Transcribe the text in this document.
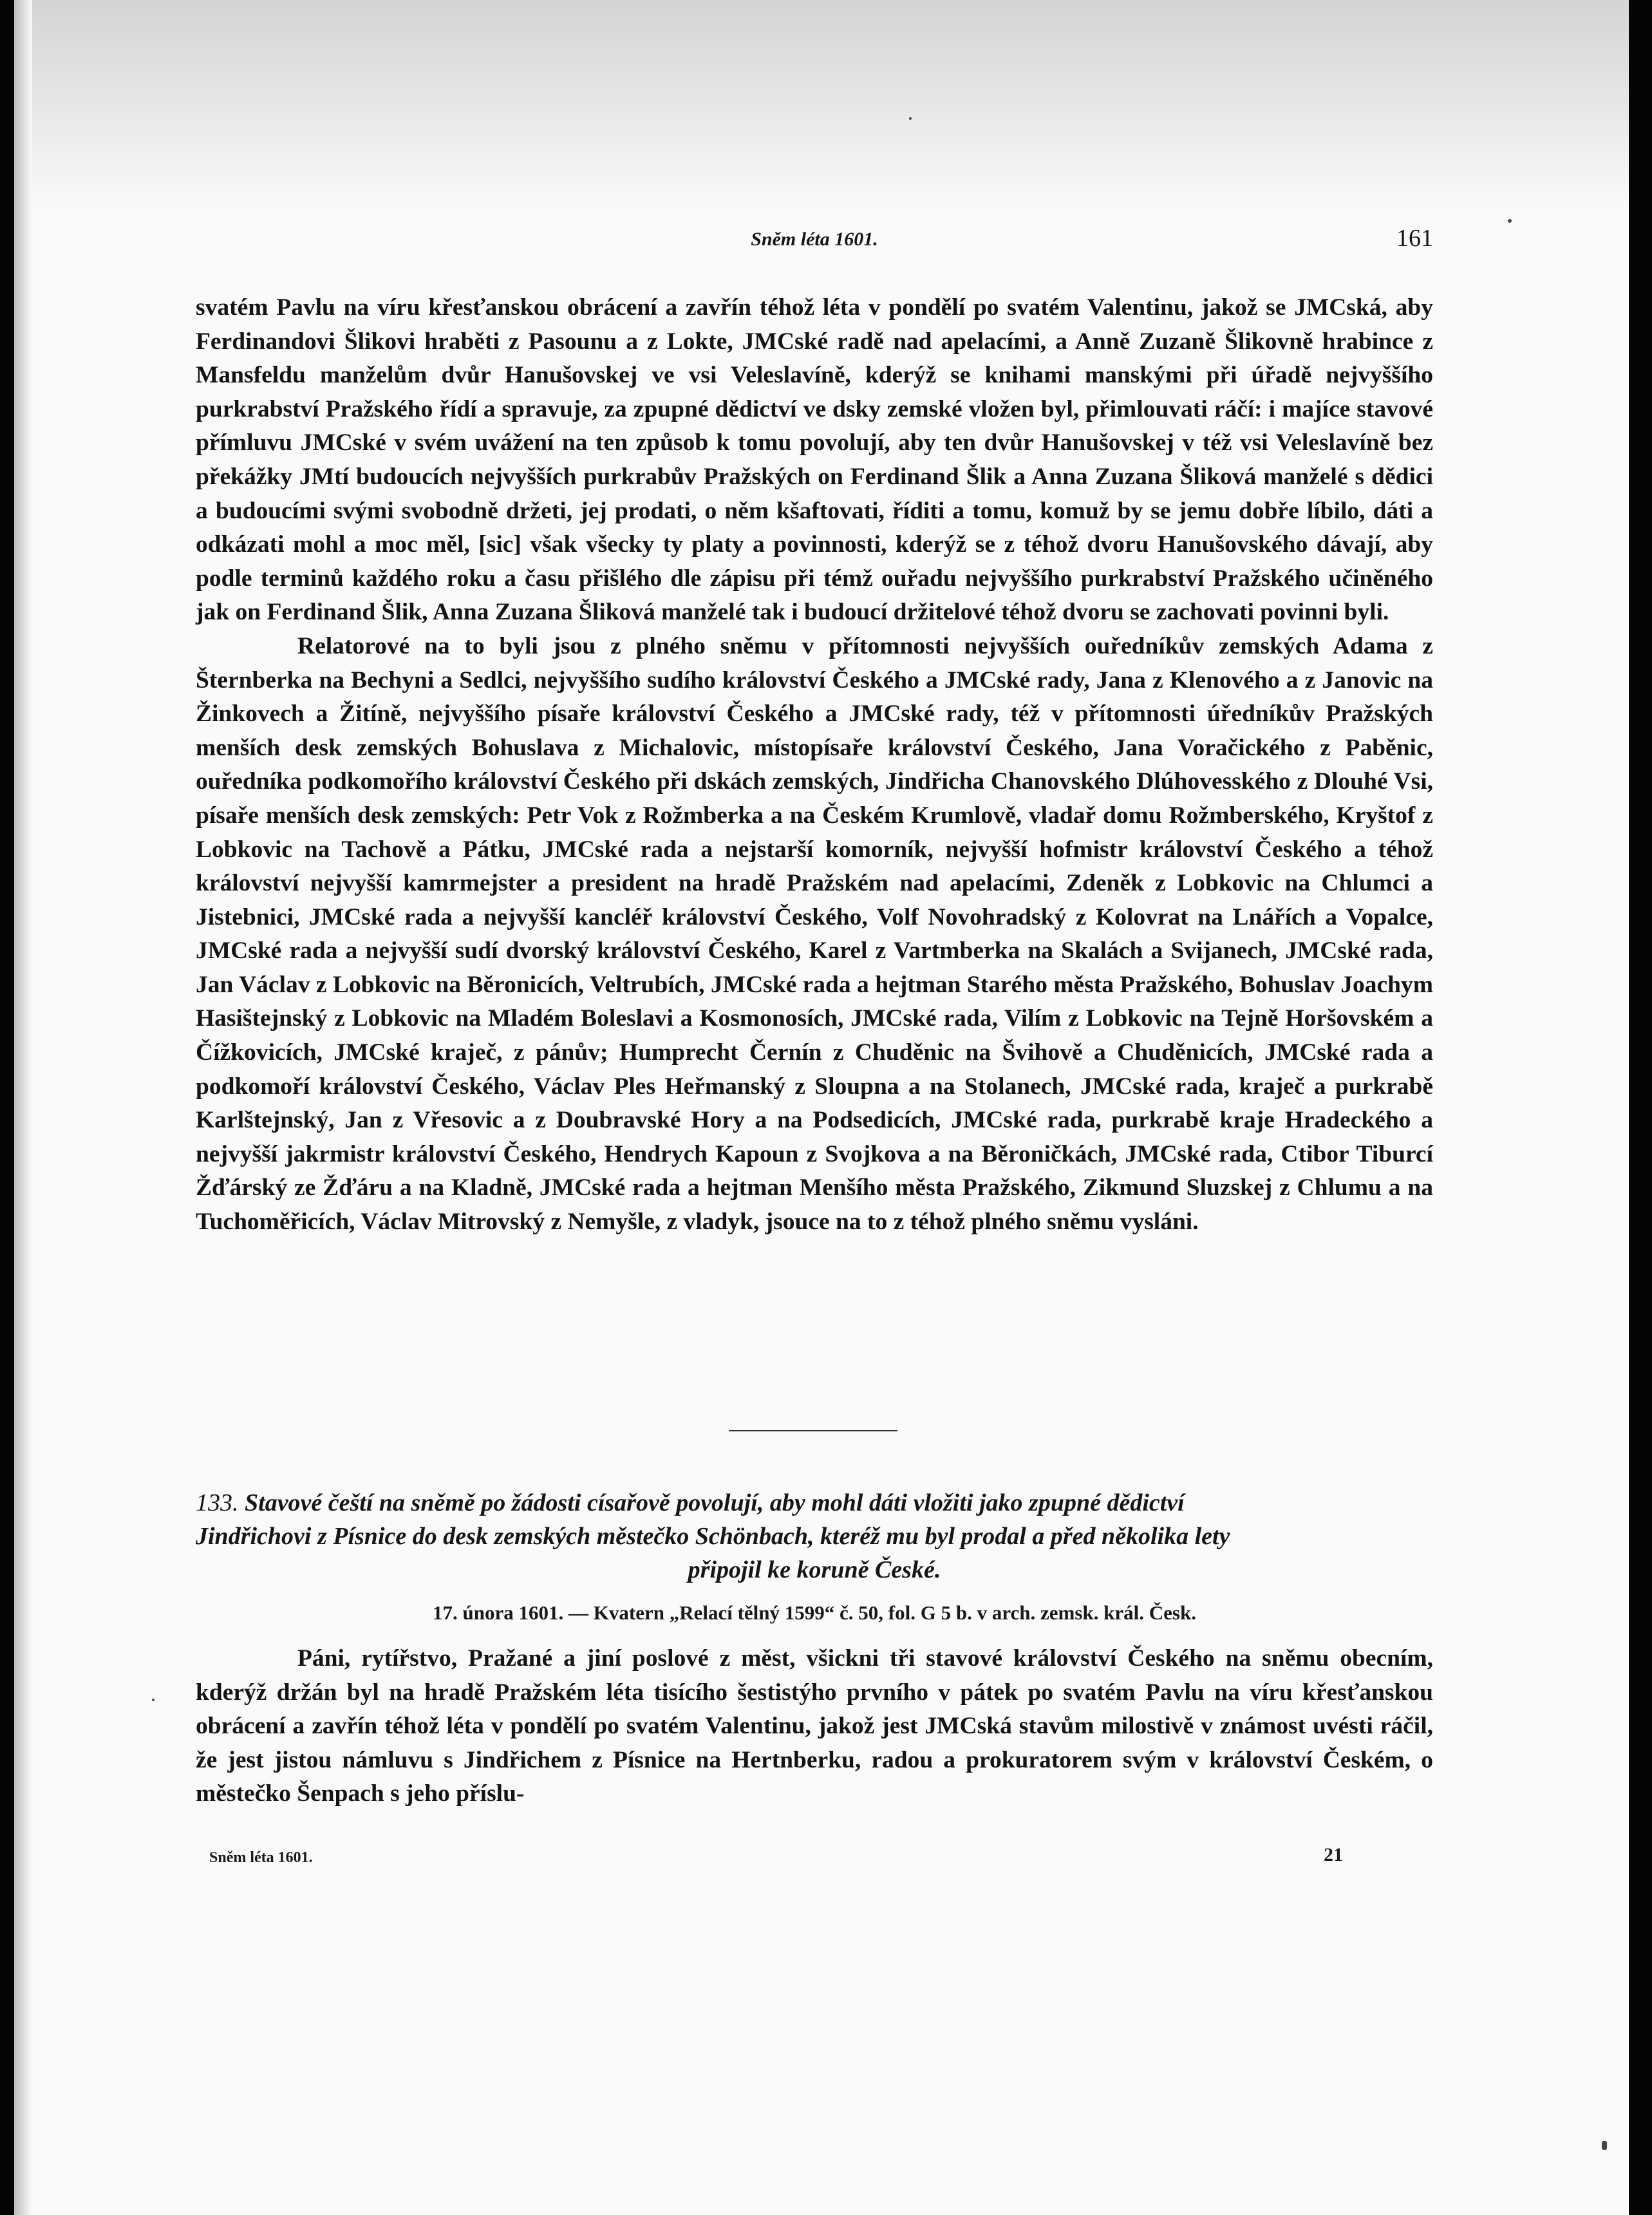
Sněm léta 1601.	161

svatém Pavlu na víru křesťanskou obrácení a zavřín téhož léta v pondělí po svatém Valentinu, jakož se JMCská, aby Ferdinandovi Šlikovi hraběti z Pasounu a z Lokte, JMCské radě nad apelacími, a Anně Zuzaně Šlikovně hrabince z Mansfeldu manželům dvůr Hanušovskej ve vsi Veleslavíně, kderýž se knihami manskými při úřadě nejvyššího purkrabství Pražského řídí a spravuje, za zpupné dědictví ve dsky zemské vložen byl, přimlouvati ráčí: i majíce stavové přímluvu JMCské v svém uvážení na ten způsob k tomu povolují, aby ten dvůr Hanušovskej v též vsi Veleslavíně bez překážky JMtí budoucích nejvyšších purkrabův Pražských on Ferdinand Šlik a Anna Zuzana Šliková manželé s dědici a budoucími svými svobodně držeti, jej prodati, o něm kšaftovati, říditi a tomu, komuž by se jemu dobře líbilo, dáti a odkázati mohl a moc měl, [sic] však všecky ty platy a povinnosti, kderýž se z téhož dvoru Hanušovského dávají, aby podle terminů každého roku a času přišlého dle zápisu při témž ouřadu nejvyššího purkrabství Pražského učiněného jak on Ferdinand Šlik, Anna Zuzana Šliková manželé tak i budoucí držitelové téhož dvoru se zachovati povinni byli.

Relatorové na to byli jsou z plného sněmu v přítomnosti nejvyšších ouředníkův zemských Adama z Šternberka na Bechyni a Sedlci, nejvyššího sudího království Českého a JMCské rady, Jana z Klenového a z Janovic na Žinkovech a Žitíně, nejvyššího písaře království Českého a JMCské rady, též v přítomnosti úředníkův Pražských menších desk zemských Bohuslava z Michalovic, místopísaře království Českého, Jana Voračického z Paběnic, ouředníka podkomořího království Českého při dskách zemských, Jindřicha Chanovského Dlúhovesského z Dlouhé Vsi, písaře menších desk zemských: Petr Vok z Rožmberka a na Českém Krumlově, vladař domu Rožmberského, Kryštof z Lobkovic na Tachově a Pátku, JMCské rada a nejstarší komorník, nejvyšší hofmistr království Českého a téhož království nejvyšší kamrmejster a president na hradě Pražském nad apelacími, Zdeněk z Lobkovic na Chlumci a Jistebnici, JMCské rada a nejvyšší kancléř království Českého, Volf Novohradský z Kolovrat na Lnářích a Vopalce, JMCské rada a nejvyšší sudí dvorský království Českého, Karel z Vartmberka na Skalách a Svijanech, JMCské rada, Jan Václav z Lobkovic na Běronicích, Veltrubích, JMCské rada a hejtman Starého města Pražského, Bohuslav Joachym Hasištejnský z Lobkovic na Mladém Boleslavi a Kosmonosích, JMCské rada, Vilím z Lobkovic na Tejně Horšovském a Čížkovicích, JMCské kraječ, z pánův; Humprecht Černín z Chuděnic na Švihově a Chuděnicích, JMCské rada a podkomoří království Českého, Václav Ples Heřmanský z Sloupna a na Stolanech, JMCské rada, kraječ a purkrabě Karlštejnský, Jan z Vřesovic a z Doubravské Hory a na Podsedicích, JMCské rada, purkrabě kraje Hradeckého a nejvyšší jakrmistr království Českého, Hendrych Kapoun z Svojkova a na Běroničkách, JMCské rada, Ctibor Tiburcí Žďárský ze Žďáru a na Kladně, JMCské rada a hejtman Menšího města Pražského, Zikmund Sluzskej z Chlumu a na Tuchoměřicích, Václav Mitrovský z Nemyšle, z vladyk, jsouce na to z téhož plného sněmu vysláni.

133. Stavové čeští na sněmě po žádosti císařově povolují, aby mohl dáti vložiti jako zpupné dědictví
Jindřichovi z Písnice do desk zemských městečko Schönbach, kteréž mu byl prodal a před několika lety
připojil ke koruně České.
17. února 1601. — Kvatern „Relací tělný 1599“ č. 50, fol. G 5 b. v arch. zemsk. král. Česk.
Páni, rytířstvo, Pražané a jiní poslové z měst, všickni tři stavové království Českého na sněmu obecním, kderýž držán byl na hradě Pražském léta tisícího šestistýho prvního v pátek po svatém Pavlu na víru křesťanskou obrácení a zavřín téhož léta v pondělí po svatém Valentinu, jakož jest JMCská stavům milostivě v známost uvésti ráčil, že jest jistou námluvu s Jindřichem z Písnice na Hertnberku, radou a prokuratorem svým v království Českém, o městečko Šenpach s jeho příslu-
Sněm léta 1601.	21
